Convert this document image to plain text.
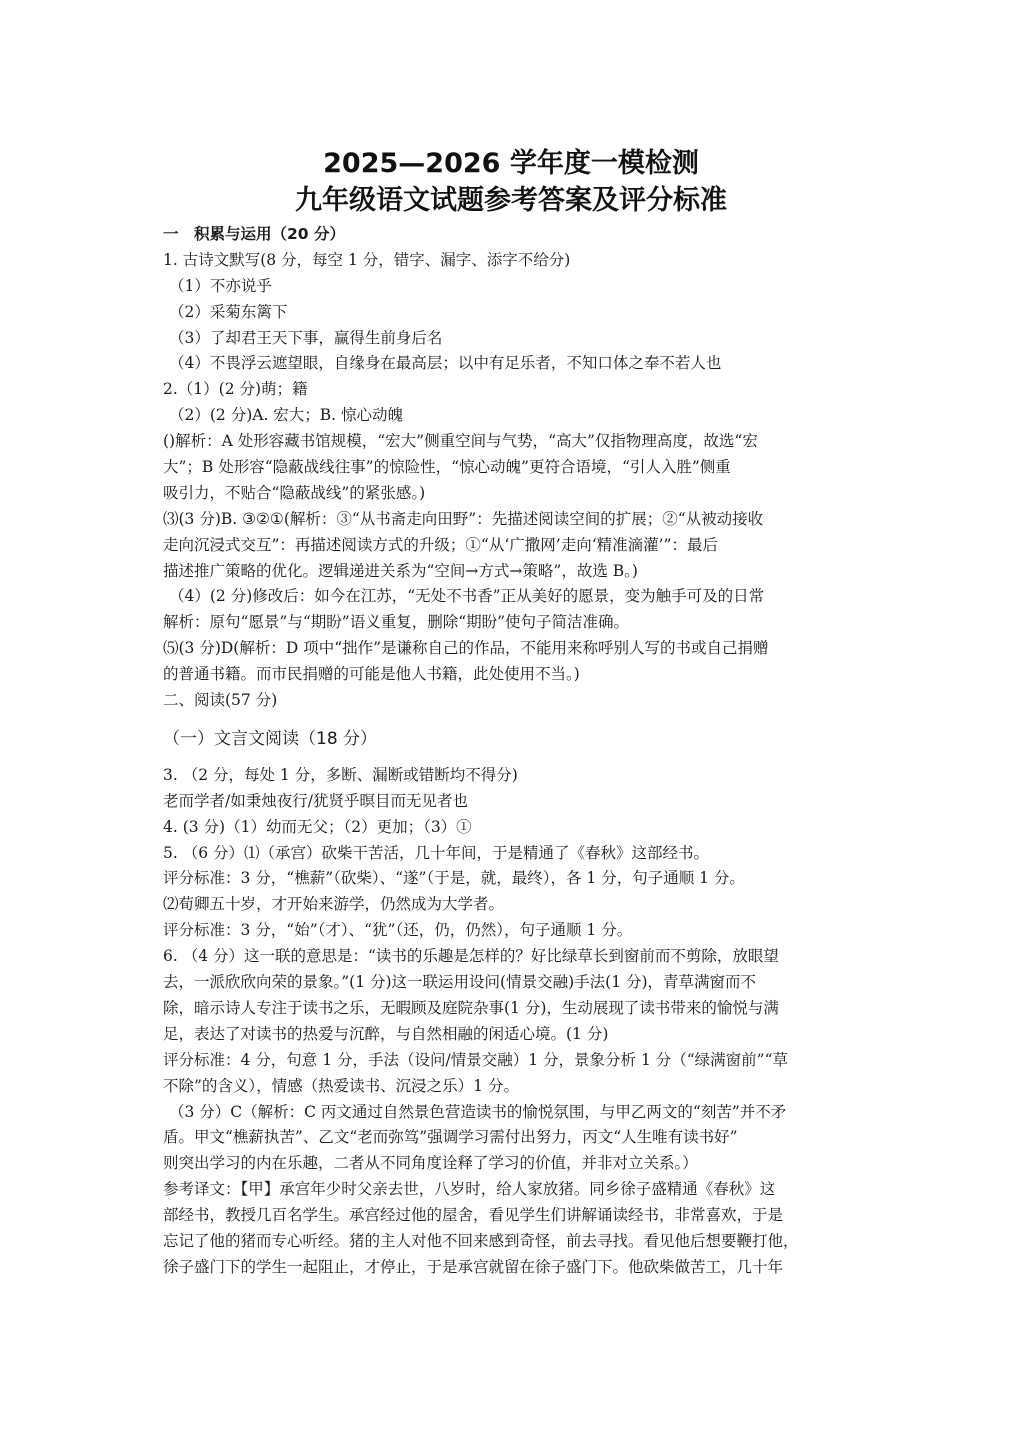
2025—2026 学年度一模检测
九年级语文试题参考答案及评分标准
一　积累与运用（20 分）
1. 古诗文默写(8 分，每空 1 分，错字、漏字、添字不给分)
（1）不亦说乎
（2）采菊东篱下
（3）了却君王天下事，赢得生前身后名
（4）不畏浮云遮望眼，自缘身在最高层；以中有足乐者，不知口体之奉不若人也
2.（1）(2 分)萌；籍
（2）(2 分)A. 宏大；B. 惊心动魄
()解析：A 处形容藏书馆规模，“宏大”侧重空间与气势，“高大”仅指物理高度，故选“宏
大”；B 处形容“隐蔽战线往事”的惊险性，“惊心动魄”更符合语境，“引人入胜”侧重
吸引力，不贴合“隐蔽战线”的紧张感。)
⑶(3 分)B. ③②①(解析：③“从书斋走向田野”：先描述阅读空间的扩展；②“从被动接收
走向沉浸式交互”：再描述阅读方式的升级；①“从‘广撒网’走向‘精准滴灌’”：最后
描述推广策略的优化。逻辑递进关系为“空间→方式→策略”，故选 B。)
（4）(2 分)修改后：如今在江苏，“无处不书香”正从美好的愿景，变为触手可及的日常
解析：原句“愿景”与“期盼”语义重复，删除“期盼”使句子简洁准确。
⑸(3 分)D(解析：D 项中“拙作”是谦称自己的作品，不能用来称呼别人写的书或自己捐赠
的普通书籍。而市民捐赠的可能是他人书籍，此处使用不当。)
二、阅读(57 分)
（一）文言文阅读（18 分）
3. （2 分，每处 1 分，多断、漏断或错断均不得分)
老而学者/如秉烛夜行/犹贤乎暝目而无见者也
4. (3 分)（1）幼而无父；（2）更加；（3）①
5. （6 分）⑴（承宫）砍柴干苦活，几十年间，于是精通了《春秋》这部经书。
评分标准：3 分，“樵薪”（砍柴）、“遂”（于是，就，最终），各 1 分，句子通顺 1 分。
⑵荀卿五十岁，才开始来游学，仍然成为大学者。
评分标准：3 分，“始”（才）、“犹”（还，仍，仍然），句子通顺 1 分。
6. （4 分）这一联的意思是：“读书的乐趣是怎样的？好比绿草长到窗前而不剪除，放眼望
去，一派欣欣向荣的景象。”(1 分)这一联运用设问(情景交融)手法(1 分)，青草满窗而不
除，暗示诗人专注于读书之乐，无暇顾及庭院杂事(1 分)，生动展现了读书带来的愉悦与满
足，表达了对读书的热爱与沉醉，与自然相融的闲适心境。(1 分)
评分标准：4 分，句意 1 分，手法（设问/情景交融）1 分，景象分析 1 分（“绿满窗前”“草
不除”的含义），情感（热爱读书、沉浸之乐）1 分。
（3 分）C（解析：C 丙文通过自然景色营造读书的愉悦氛围，与甲乙两文的“刻苦”并不矛
盾。甲文“樵薪执苦”、乙文“老而弥笃”强调学习需付出努力，丙文“人生唯有读书好”
则突出学习的内在乐趣，二者从不同角度诠释了学习的价值，并非对立关系。）
参考译文：【甲】承宫年少时父亲去世，八岁时，给人家放猪。同乡徐子盛精通《春秋》这
部经书，教授几百名学生。承宫经过他的屋舍，看见学生们讲解诵读经书，非常喜欢，于是
忘记了他的猪而专心听经。猪的主人对他不回来感到奇怪，前去寻找。看见他后想要鞭打他，
徐子盛门下的学生一起阻止，才停止，于是承宫就留在徐子盛门下。他砍柴做苦工，几十年
